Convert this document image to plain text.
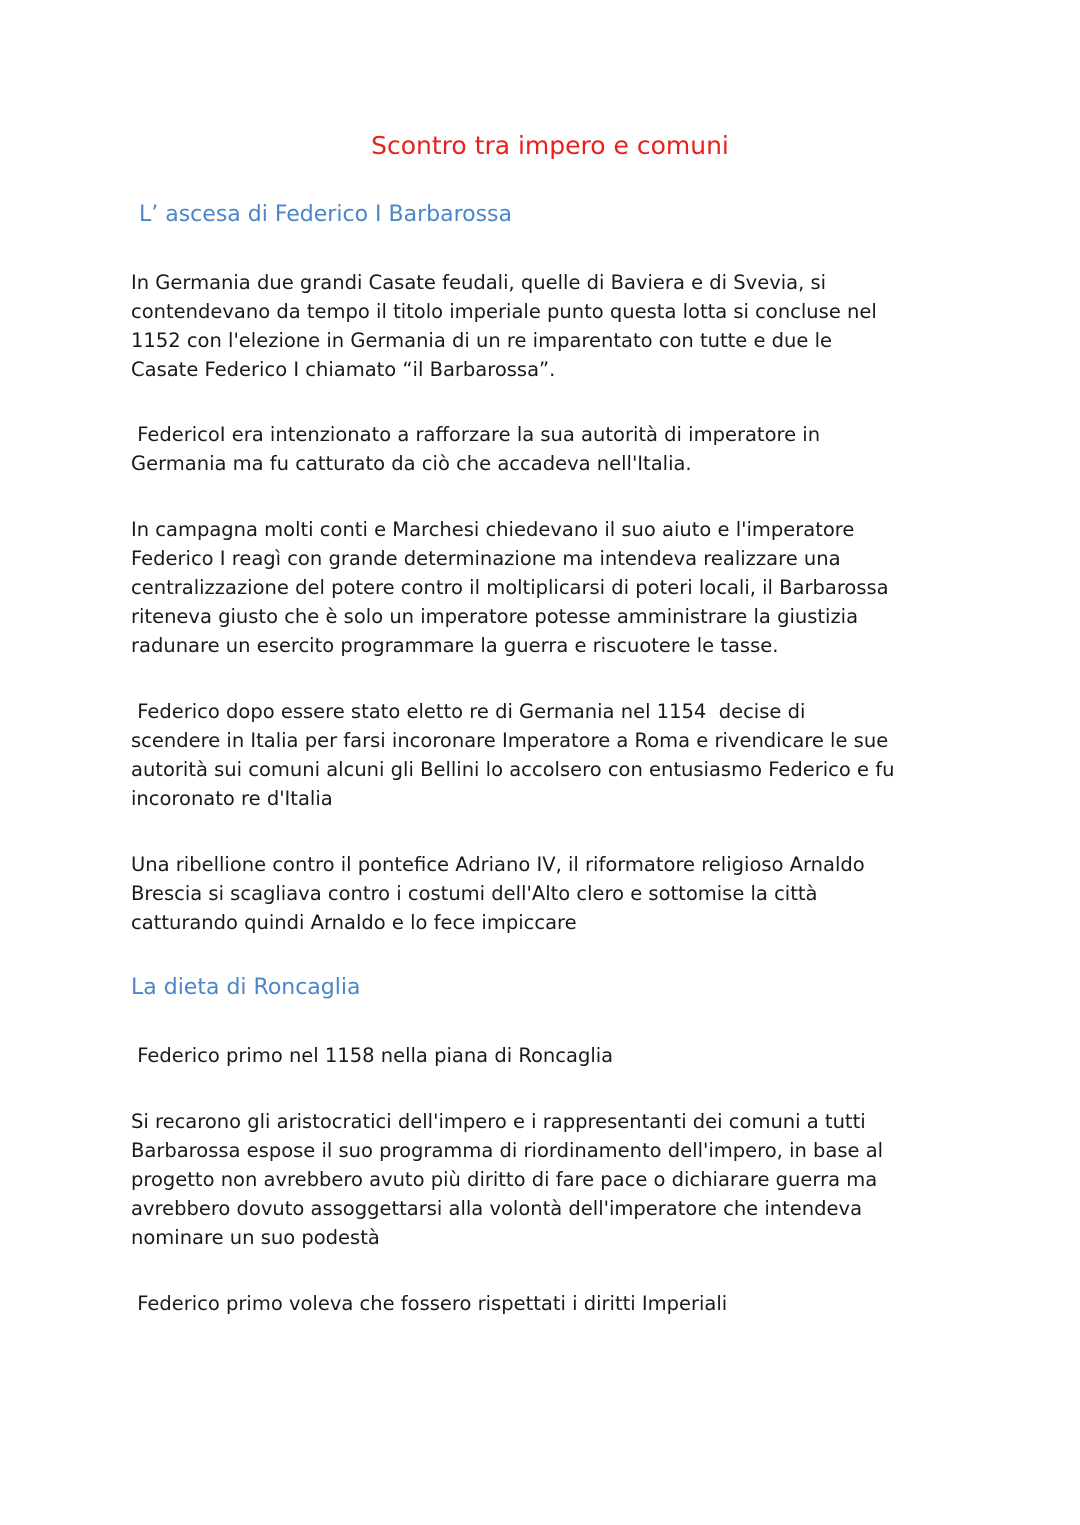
Scontro tra impero e comuni
L’ ascesa di Federico I Barbarossa
In Germania due grandi Casate feudali, quelle di Baviera e di Svevia, si
contendevano da tempo il titolo imperiale punto questa lotta si concluse nel
1152 con l'elezione in Germania di un re imparentato con tutte e due le
Casate Federico I chiamato “il Barbarossa”.
FedericoI era intenzionato a rafforzare la sua autorità di imperatore in
Germania ma fu catturato da ciò che accadeva nell'Italia.
In campagna molti conti e Marchesi chiedevano il suo aiuto e l'imperatore
Federico I reagì con grande determinazione ma intendeva realizzare una
centralizzazione del potere contro il moltiplicarsi di poteri locali, il Barbarossa
riteneva giusto che è solo un imperatore potesse amministrare la giustizia
radunare un esercito programmare la guerra e riscuotere le tasse.
Federico dopo essere stato eletto re di Germania nel 1154  decise di
scendere in Italia per farsi incoronare Imperatore a Roma e rivendicare le sue
autorità sui comuni alcuni gli Bellini lo accolsero con entusiasmo Federico e fu
incoronato re d'Italia
Una ribellione contro il pontefice Adriano IV, il riformatore religioso Arnaldo
Brescia si scagliava contro i costumi dell'Alto clero e sottomise la città
catturando quindi Arnaldo e lo fece impiccare
La dieta di Roncaglia
Federico primo nel 1158 nella piana di Roncaglia
Si recarono gli aristocratici dell'impero e i rappresentanti dei comuni a tutti
Barbarossa espose il suo programma di riordinamento dell'impero, in base al
progetto non avrebbero avuto più diritto di fare pace o dichiarare guerra ma
avrebbero dovuto assoggettarsi alla volontà dell'imperatore che intendeva
nominare un suo podestà
Federico primo voleva che fossero rispettati i diritti Imperiali
